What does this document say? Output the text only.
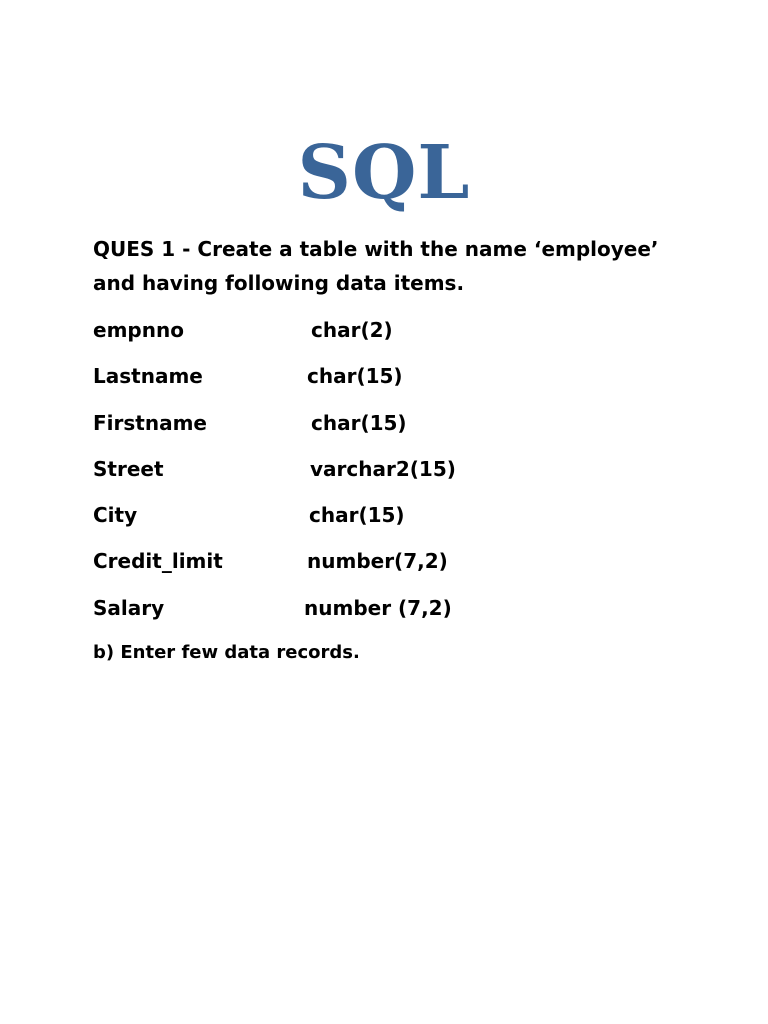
SQL
QUES 1 - Create a table with the name ‘employee’ and having following data items.
empnno	char(2)
Lastname	char(15)
Firstname	char(15)
Street	varchar2(15)
City	char(15)
Credit_limit	number(7,2)
Salary	number (7,2)
b) Enter few data records.
